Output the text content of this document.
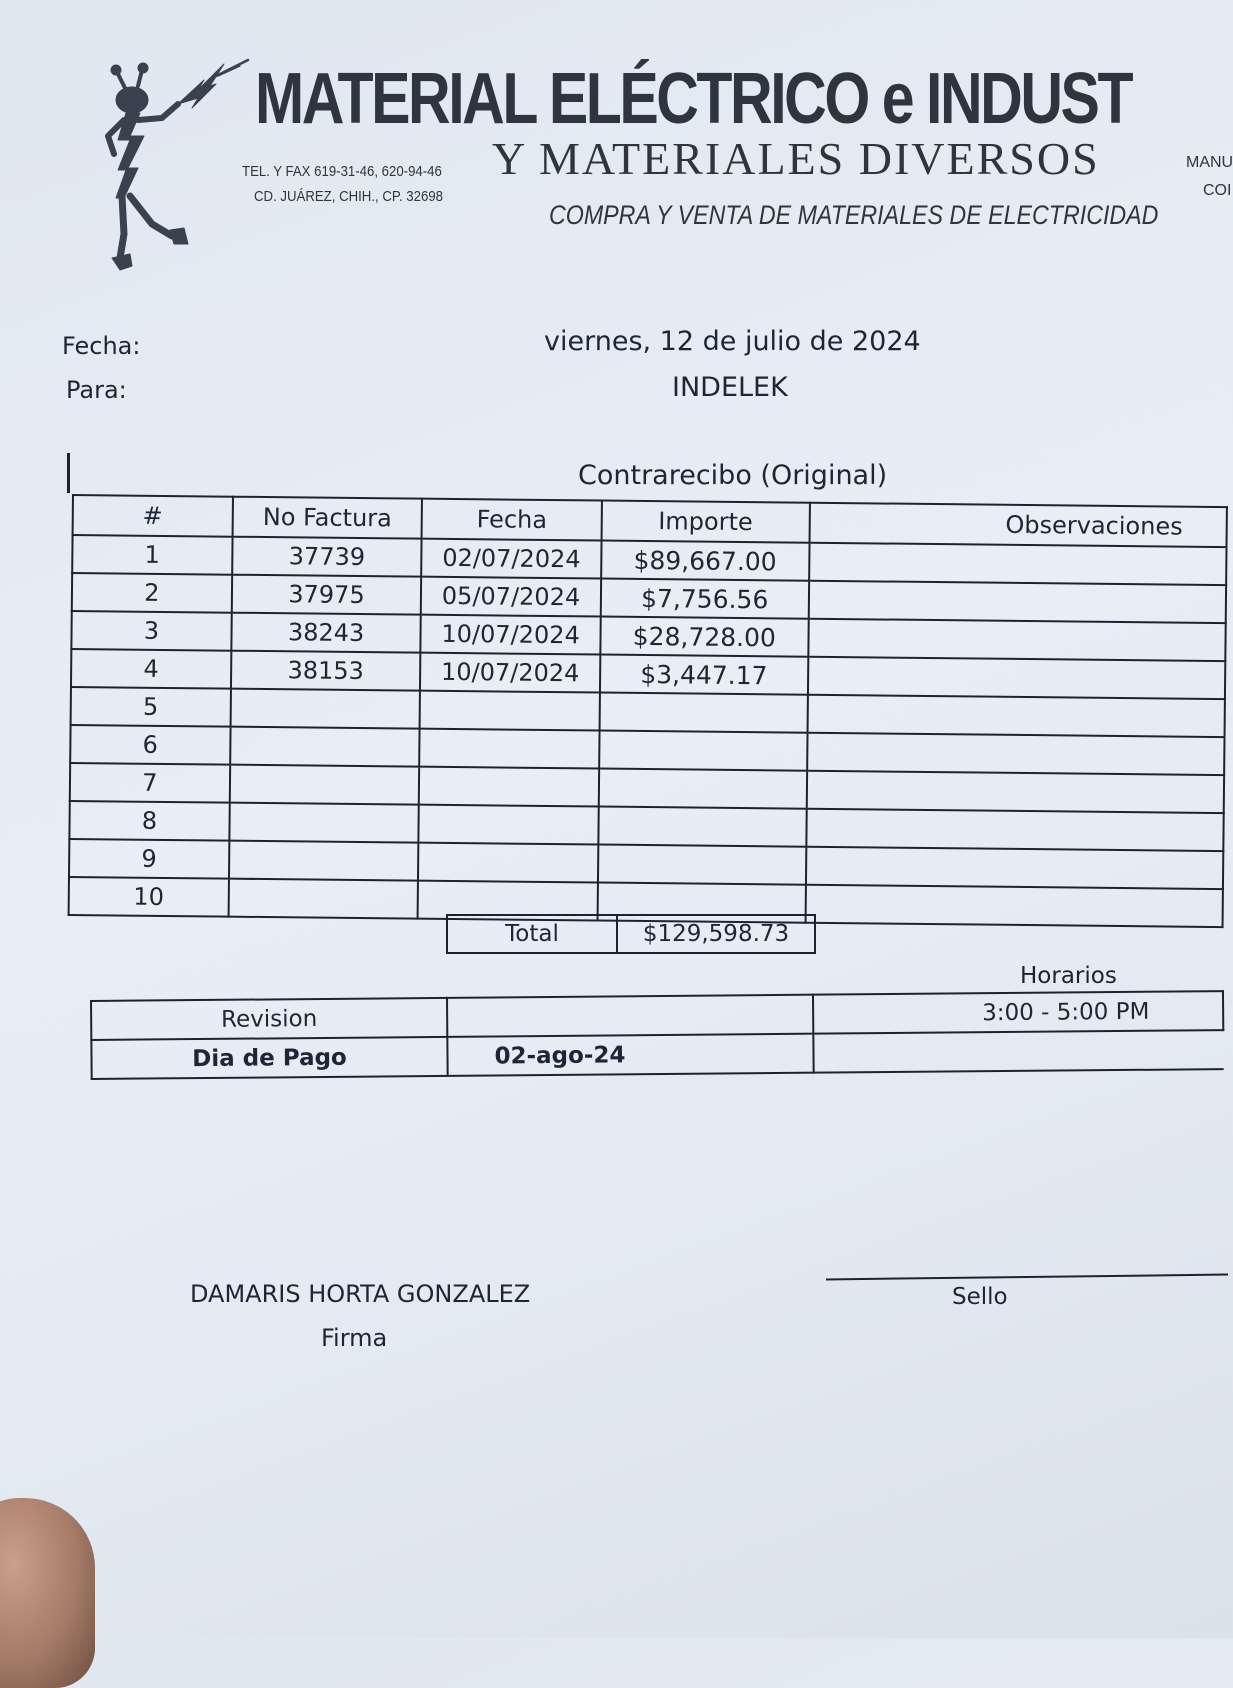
MATERIAL ELÉCTRICO e INDUST
Y MATERIALES DIVERSOS
COMPRA Y VENTA DE MATERIALES DE ELECTRICIDAD
TEL. Y FAX 619-31-46, 620-94-46
CD. JUÁREZ, CHIH., CP. 32698
MANU
COI
Fecha:	viernes, 12 de julio de 2024
Para:	INDELEK
Contrarecibo (Original)
#	No Factura	Fecha	Importe	Observaciones
1	37739	02/07/2024	$89,667.00	
2	37975	05/07/2024	$7,756.56	
3	38243	10/07/2024	$28,728.00	
4	38153	10/07/2024	$3,447.17	
5				
6				
7				
8				
9				
10				
Total	$129,598.73
Horarios
Revision		3:00 - 5:00 PM
Dia de Pago	02-ago-24	
DAMARIS HORTA GONZALEZ
Firma
Sello
